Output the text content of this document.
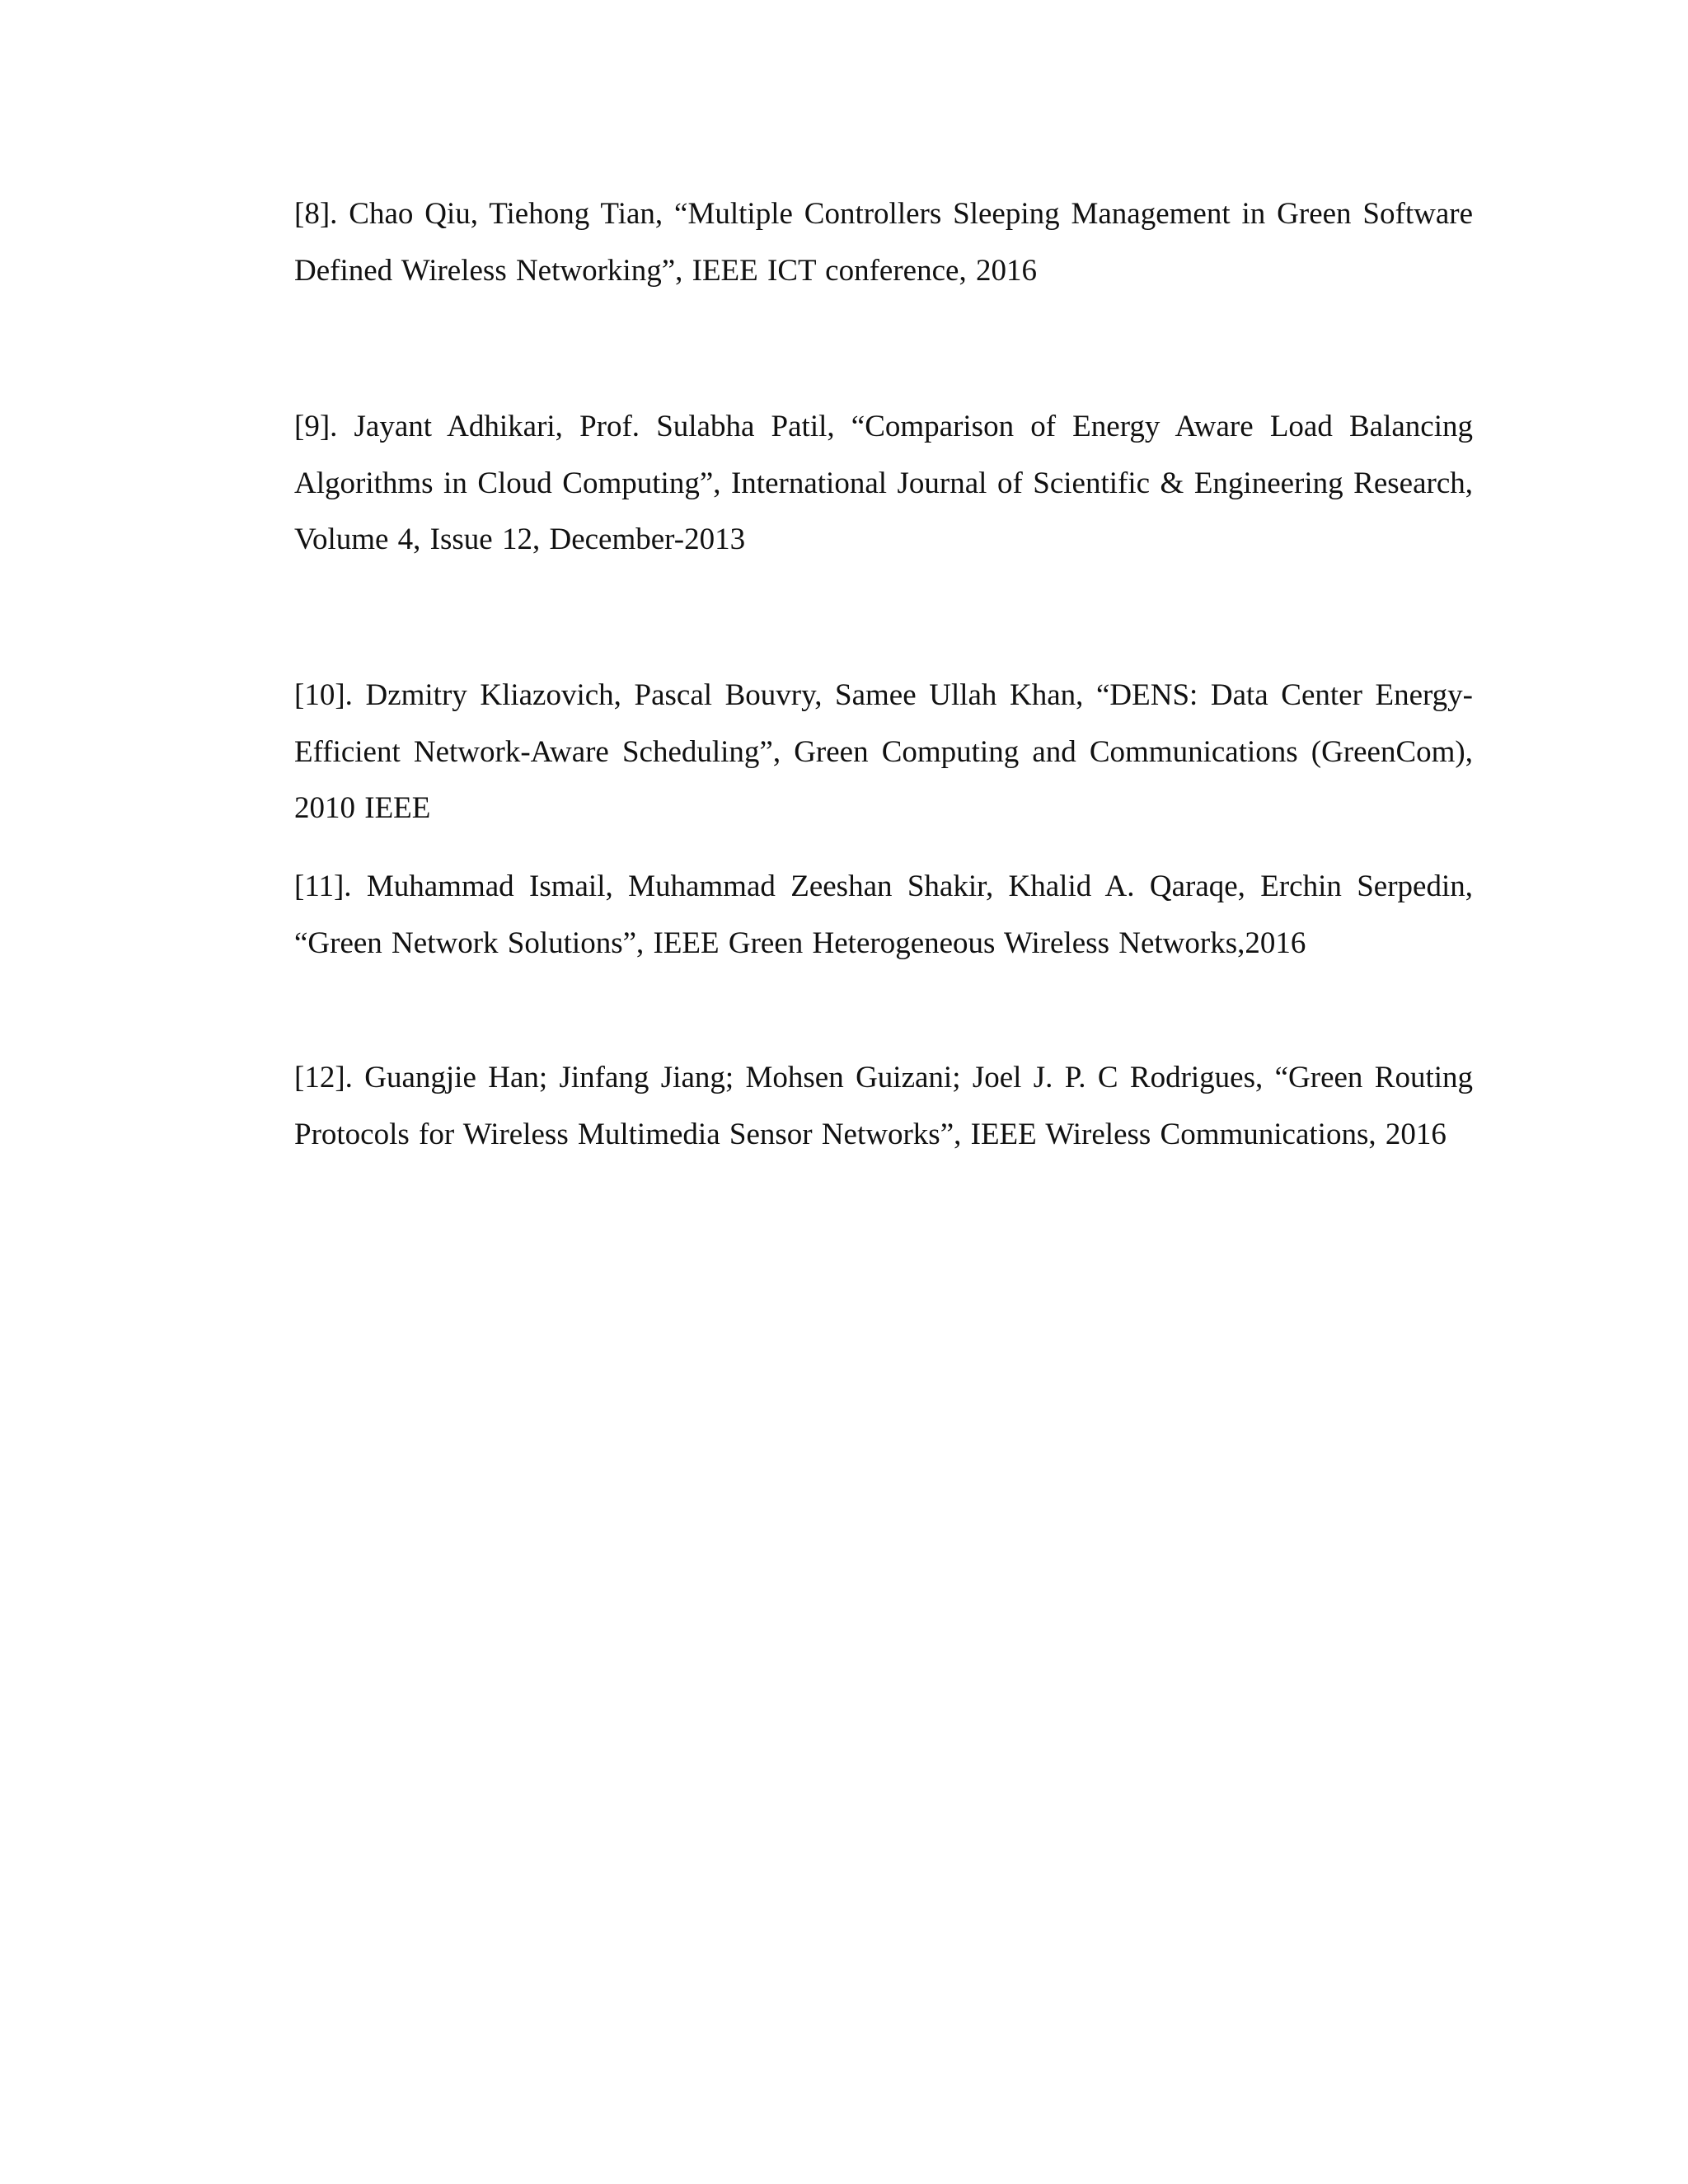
[8]. Chao Qiu, Tiehong Tian, “Multiple Controllers Sleeping Management in Green Software Defined Wireless Networking”, IEEE ICT conference, 2016

[9]. Jayant Adhikari, Prof. Sulabha Patil, “Comparison of Energy Aware Load Balancing Algorithms in Cloud Computing”, International Journal of Scientific & Engineering Research, Volume 4, Issue 12, December-2013

[10]. Dzmitry Kliazovich, Pascal Bouvry, Samee Ullah Khan, “DENS: Data Center Energy-Efficient Network-Aware Scheduling”, Green Computing and Communications (GreenCom), 2010 IEEE

[11]. Muhammad Ismail, Muhammad Zeeshan Shakir, Khalid A. Qaraqe, Erchin Serpedin, “Green Network Solutions”, IEEE Green Heterogeneous Wireless Networks,2016

[12]. Guangjie Han; Jinfang Jiang; Mohsen Guizani; Joel J. P. C Rodrigues, “Green Routing Protocols for Wireless Multimedia Sensor Networks”, IEEE Wireless Communications, 2016
